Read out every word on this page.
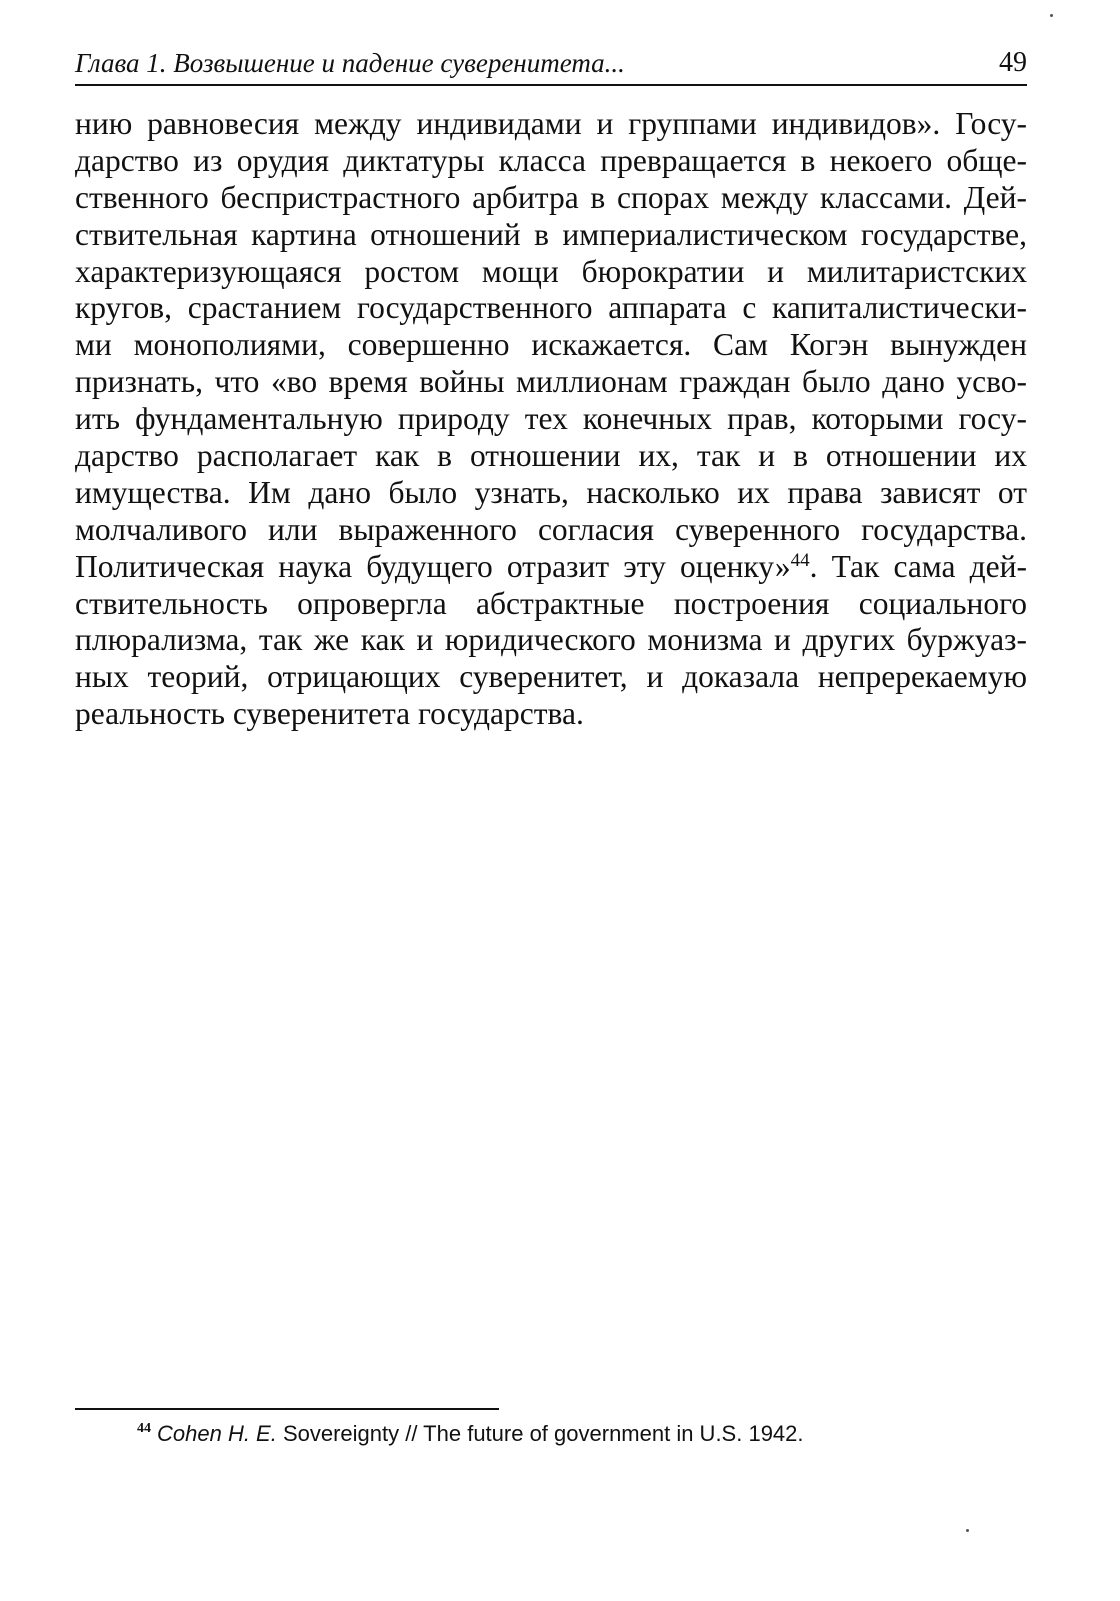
Глава 1. Возвышение и падение суверенитета...	49
нию равновесия между индивидами и группами индивидов». Госу-
дарство из орудия диктатуры класса превращается в некоего обще-
ственного беспристрастного арбитра в спорах между классами. Дей-
ствительная картина отношений в империалистическом государстве,
характеризующаяся ростом мощи бюрократии и милитаристских
кругов, срастанием государственного аппарата с капиталистически-
ми монополиями, совершенно искажается. Сам Когэн вынужден
признать, что «во время войны миллионам граждан было дано усво-
ить фундаментальную природу тех конечных прав, которыми госу-
дарство располагает как в отношении их, так и в отношении их
имущества. Им дано было узнать, насколько их права зависят от
молчаливого или выраженного согласия суверенного государства.
Политическая наука будущего отразит эту оценку»$^{44}$. Так сама дей-
ствительность опровергла абстрактные построения социального
плюрализма, так же как и юридического монизма и других буржуаз-
ных теорий, отрицающих суверенитет, и доказала непререкаемую
реальность суверенитета государства.
$^{44}$ Cohen H. E. Sovereignty // The future of government in U.S. 1942.
